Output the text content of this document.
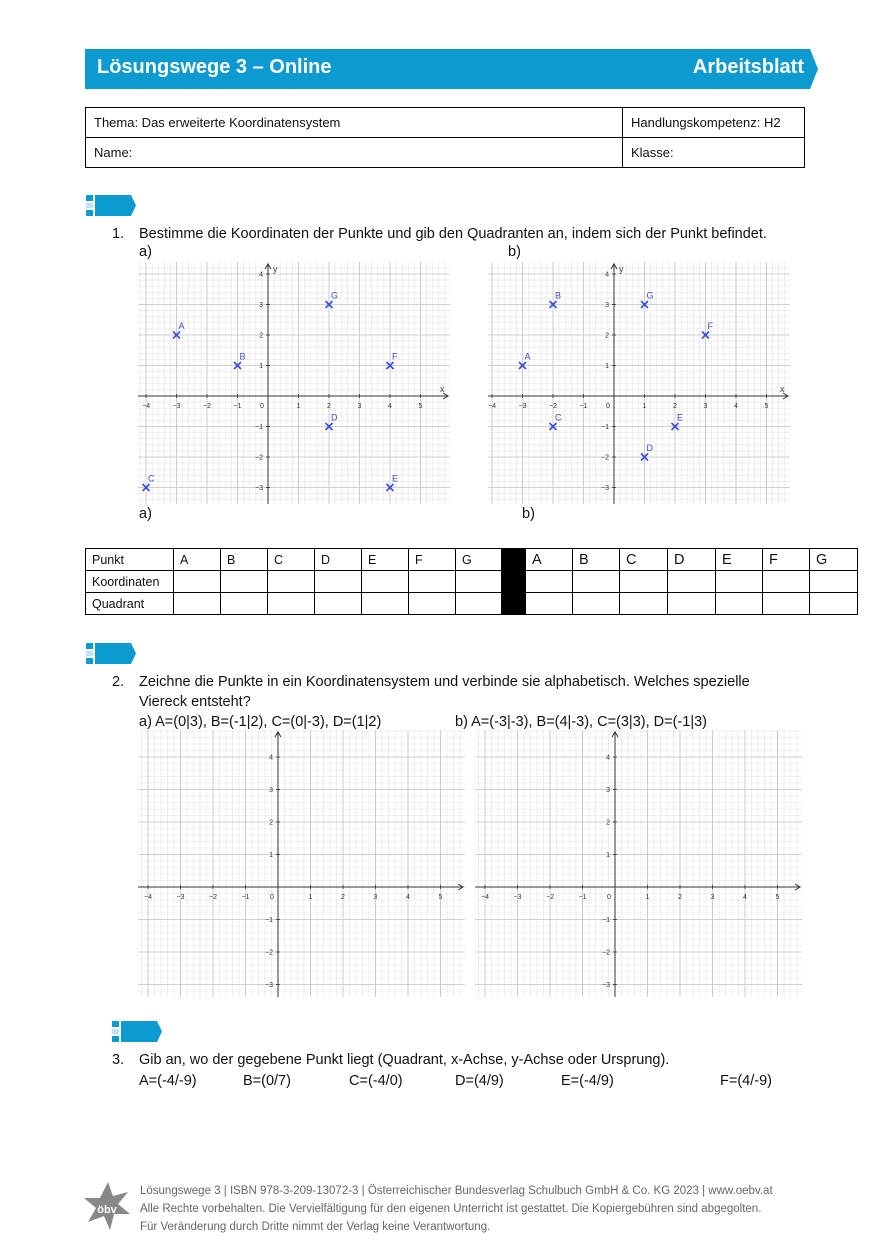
Lösungswege 3 – Online	Arbeitsblatt
Thema: Das erweiterte Koordinatensystem	Handlungskompetenz: H2
Name:	Klasse:
1. Bestimme die Koordinaten der Punkte und gib den Quadranten an, indem sich der Punkt befindet.
a)	b)
x
y
−4	−3	−2	−1	0	1	2	3	4	5
−3
−2
−1
1
2
3
4
A
B
C
D
E
F
G
x
y
−4	−3	−2	−1	0	1	2	3	4	5
−3
−2
−1
1
2
3
4
A
B
C
D
E
F
G
a)	b)
Punkt	A	B	C	D	E	F	G		A	B	C	D	E	F	G
Koordinaten															
Quadrant															
2. Zeichne die Punkte in ein Koordinatensystem und verbinde sie alphabetisch. Welches spezielle
Viereck entsteht?
a) A=(0|3), B=(-1|2), C=(0|-3), D=(1|2)	b) A=(-3|-3), B=(4|-3), C=(3|3), D=(-1|3)
−4	−3	−2	−1	0	1	2	3	4	5
−3
−2
−1
1
2
3
4
−4	−3	−2	−1	0	1	2	3	4	5
−3
−2
−1
1
2
3
4
3. Gib an, wo der gegebene Punkt liegt (Quadrant, x-Achse, y-Achse oder Ursprung).
A=(-4/-9)	B=(0/7)	C=(-4/0)	D=(4/9)	E=(-4/9)	F=(4/-9)
öbv
Lösungswege 3 | ISBN 978-3-209-13072-3 | Österreichischer Bundesverlag Schulbuch GmbH & Co. KG 2023 | www.oebv.at
Alle Rechte vorbehalten. Die Vervielfältigung für den eigenen Unterricht ist gestattet. Die Kopiergebühren sind abgegolten.
Für Veränderung durch Dritte nimmt der Verlag keine Verantwortung.
